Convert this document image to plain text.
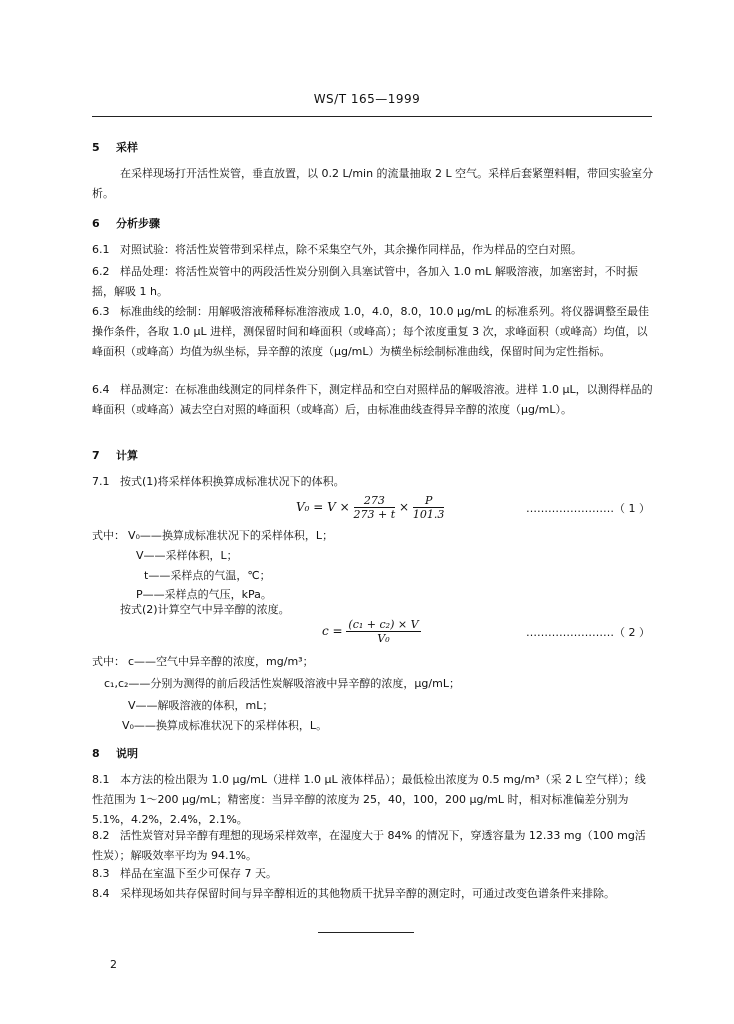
WS/T 165—1999
5 采样
在采样现场打开活性炭管，垂直放置，以 0.2 L/min 的流量抽取 2 L 空气。采样后套紧塑料帽，带回实验室分析。
6 分析步骤
6.1 对照试验：将活性炭管带到采样点，除不采集空气外，其余操作同样品，作为样品的空白对照。
6.2 样品处理：将活性炭管中的两段活性炭分别倒入具塞试管中，各加入 1.0 mL 解吸溶液，加塞密封，不时振摇，解吸 1 h。
6.3 标准曲线的绘制：用解吸溶液稀释标准溶液成 1.0，4.0，8.0，10.0 μg/mL 的标准系列。将仪器调整至最佳操作条件，各取 1.0 μL 进样，测保留时间和峰面积（或峰高）；每个浓度重复 3 次，求峰面积（或峰高）均值，以峰面积（或峰高）均值为纵坐标，异辛醇的浓度（μg/mL）为横坐标绘制标准曲线，保留时间为定性指标。
6.4 样品测定：在标准曲线测定的同样条件下，测定样品和空白对照样品的解吸溶液。进样 1.0 μL，以测得样品的峰面积（或峰高）减去空白对照的峰面积（或峰高）后，由标准曲线查得异辛醇的浓度（μg/mL）。
7 计算
7.1 按式(1)将采样体积换算成标准状况下的体积。
$V_0 = V \times \frac{273}{273 + t} \times \frac{P}{101.3}$	……………………（ 1 ）
式中： V₀——换算成标准状况下的采样体积，L；
V——采样体积，L；
t——采样点的气温，℃；
P——采样点的气压，kPa。
按式(2)计算空气中异辛醇的浓度。
$c = \frac{\text{(c₁ + c₂) × V}}{\text{V₀}}$	……………………（ 2 ）
式中： c——空气中异辛醇的浓度，mg/m³；
c₁,c₂——分别为测得的前后段活性炭解吸溶液中异辛醇的浓度，μg/mL；
V——解吸溶液的体积，mL；
V₀——换算成标准状况下的采样体积，L。
8 说明
8.1 本方法的检出限为 1.0 μg/mL（进样 1.0 μL 液体样品）；最低检出浓度为 0.5 mg/m³（采 2 L 空气样）；线性范围为 1～200 μg/mL；精密度：当异辛醇的浓度为 25，40，100，200 μg/mL 时，相对标准偏差分别为 5.1%，4.2%，2.4%，2.1%。
8.2 活性炭管对异辛醇有理想的现场采样效率，在湿度大于 84% 的情况下，穿透容量为 12.33 mg（100 mg活性炭）；解吸效率平均为 94.1%。
8.3 样品在室温下至少可保存 7 天。
8.4 采样现场如共存保留时间与异辛醇相近的其他物质干扰异辛醇的测定时，可通过改变色谱条件来排除。
2
